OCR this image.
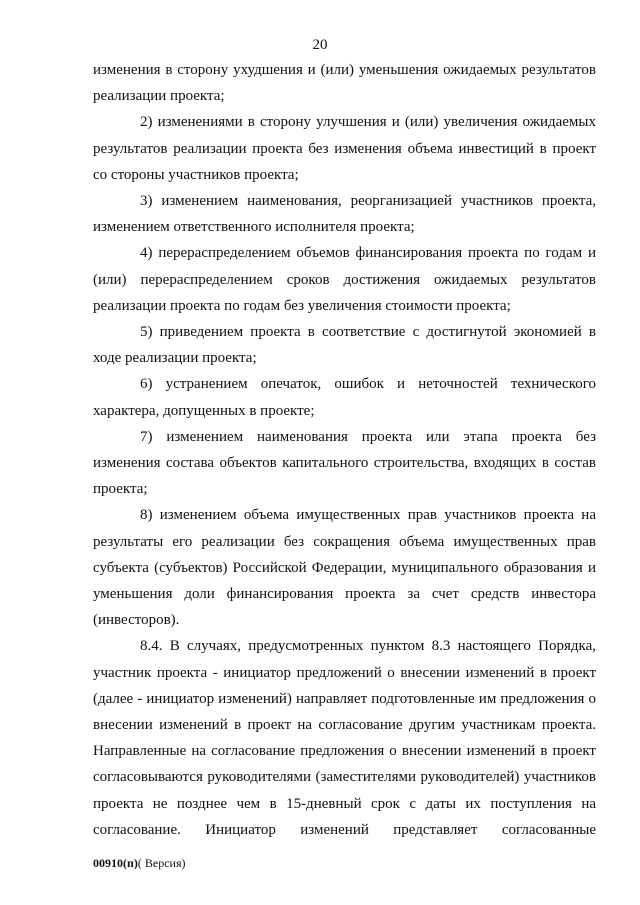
20

изменения в сторону ухудшения и (или) уменьшения ожидаемых результатов реализации проекта;

2) изменениями в сторону улучшения и (или) увеличения ожидаемых результатов реализации проекта без изменения объема инвестиций в проект со стороны участников проекта;

3) изменением наименования, реорганизацией участников проекта, изменением ответственного исполнителя проекта;

4) перераспределением объемов финансирования проекта по годам и (или) перераспределением сроков достижения ожидаемых результатов реализации проекта по годам без увеличения стоимости проекта;

5) приведением проекта в соответствие с достигнутой экономией в ходе реализации проекта;

6) устранением опечаток, ошибок и неточностей технического характера, допущенных в проекте;

7) изменением наименования проекта или этапа проекта без изменения состава объектов капитального строительства, входящих в состав проекта;

8) изменением объема имущественных прав участников проекта на результаты его реализации без сокращения объема имущественных прав субъекта (субъектов) Российской Федерации, муниципального образования и уменьшения доли финансирования проекта за счет средств инвестора (инвесторов).

8.4. В случаях, предусмотренных пунктом 8.3 настоящего Порядка, участник проекта - инициатор предложений о внесении изменений в проект (далее - инициатор изменений) направляет подготовленные им предложения о внесении изменений в проект на согласование другим участникам проекта. Направленные на согласование предложения о внесении изменений в проект согласовываются руководителями (заместителями руководителей) участников проекта не позднее чем в 15-дневный срок с даты их поступления на согласование. Инициатор изменений представляет согласованные

00910(п)( Версия)
